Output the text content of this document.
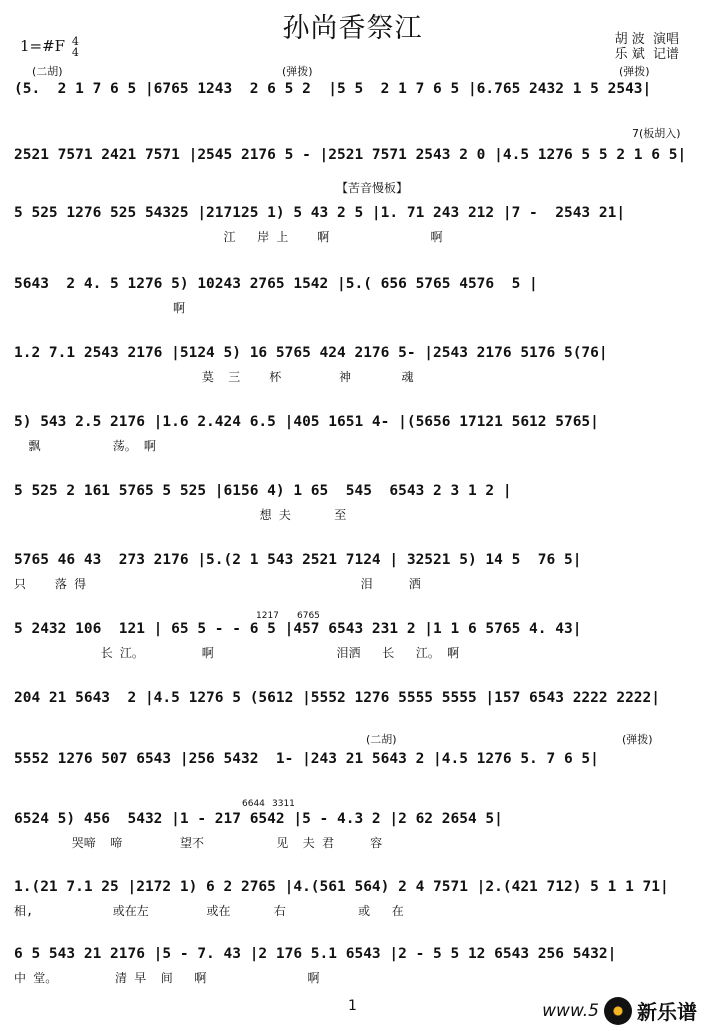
孙尚香祭江
1=#F 4
4
胡 波  演唱
乐 斌  记谱
(二胡)	(弹拨)	(弹拨)
(5.  2 1 7 6 5 |6765 1243  2 6 5 2  |5 5  2 1 7 6 5 |6.765 2432 1 5 2543|
7(板胡入)
2521 7571 2421 7571 |2545 2176 5 - |2521 7571 2543 2 0 |4.5 1276 5 5 2 1 6 5|
【苦音慢板】
5 525 1276 525 54325 |217125 1) 5 43 2 5 |1. 71 243 212 |7 -  2543 21|
江   岸 上    啊              啊
5643  2 4. 5 1276 5) 10243 2765 1542 |5.( 656 5765 4576  5 |
啊
1.2 7.1 2543 2176 |5124 5) 16 5765 424 2176 5- |2543 2176 5176 5(76|
莫  三    杯        神       魂
5) 543 2.5 2176 |1.6 2.424 6.5 |405 1651 4- |(5656 17121 5612 5765|
飘          荡。 啊
5 525 2 161 5765 5 525 |6156 4) 1 65  545  6543 2 3 1 2 |
想 夫      至
5765 46 43  273 2176 |5.(2 1 543 2521 7124 | 32521 5) 14 5  76 5|
只    落 得                                      泪     洒
1217 6765
5 2432 106  121 | 65 5 - - 6 5 |457 6543 231 2 |1 1 6 5765 4. 43|
长 江。        啊                 泪洒   长   江。 啊
204 21 5643  2 |4.5 1276 5 (5612 |5552 1276 5555 5555 |157 6543 2222 2222|
(二胡)	(弹拨)
5552 1276 507 6543 |256 5432  1- |243 21 5643 2 |4.5 1276 5. 7 6 5|
6644 3311
6524 5) 456  5432 |1 - 217 6542 |5 - 4.3 2 |2 62 2654 5|
哭啼  啼        望不          见  夫 君     容
1.(21 7.1 25 |2172 1) 6 2 2765 |4.(561 564) 2 4 7571 |2.(421 712) 5 1 1 71|
相,           或在左        或在      右          或   在
6 5 543 21 2176 |5 - 7. 43 |2 176 5.1 6543 |2 - 5 5 12 6543 256 5432|
中 堂。        清 早  间   啊              啊
1	www.5 新乐谱
